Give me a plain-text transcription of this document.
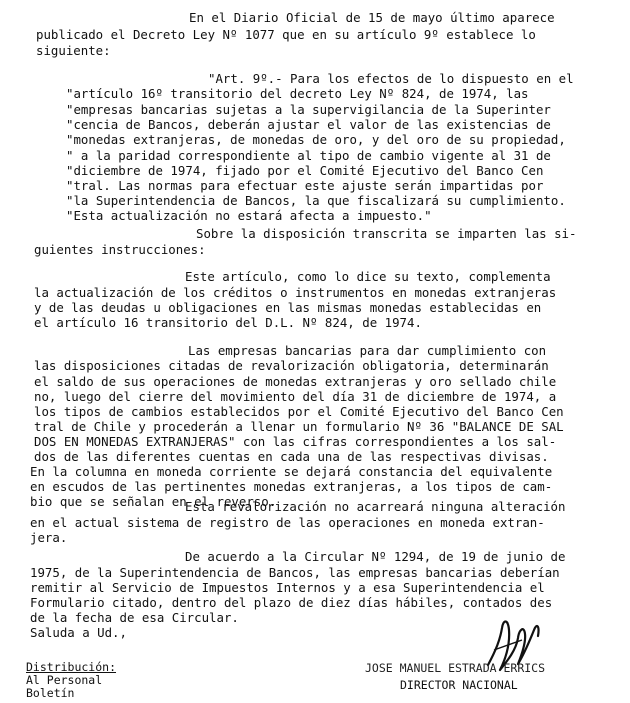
En el Diario Oficial de 15 de mayo último aparece
publicado el Decreto Ley Nº 1077 que en su artículo 9º establece lo
siguiente:
"Art. 9º.- Para los efectos de lo dispuesto en el
"artículo 16º transitorio del decreto Ley Nº 824, de 1974, las
"empresas bancarias sujetas a la supervigilancia de la Superinter
"cencia de Bancos, deberán ajustar el valor de las existencias de
"monedas extranjeras, de monedas de oro, y del oro de su propiedad,
" a la paridad correspondiente al tipo de cambio vigente al 31 de
"diciembre de 1974, fijado por el Comité Ejecutivo del Banco Cen
"tral. Las normas para efectuar este ajuste serán impartidas por
"la Superintendencia de Bancos, la que fiscalizará su cumplimiento.
"Esta actualización no estará afecta a impuesto."
Sobre la disposición transcrita se imparten las si-
guientes instrucciones:
Este artículo, como lo dice su texto, complementa
la actualización de los créditos o instrumentos en monedas extranjeras
y de las deudas u obligaciones en las mismas monedas establecidas en
el artículo 16 transitorio del D.L. Nº 824, de 1974.
Las empresas bancarias para dar cumplimiento con
las disposiciones citadas de revalorización obligatoria, determinarán
el saldo de sus operaciones de monedas extranjeras y oro sellado chile
no, luego del cierre del movimiento del día 31 de diciembre de 1974, a
los tipos de cambios establecidos por el Comité Ejecutivo del Banco Cen
tral de Chile y procederán a llenar un formulario Nº 36 "BALANCE DE SAL
DOS EN MONEDAS EXTRANJERAS" con las cifras correspondientes a los sal-
dos de las diferentes cuentas en cada una de las respectivas divisas.
En la columna en moneda corriente se dejará constancia del equivalente
en escudos de las pertinentes monedas extranjeras, a los tipos de cam-
bio que se señalan en el reverso.
Esta revalorización no acarreará ninguna alteración
en el actual sistema de registro de las operaciones en moneda extran-
jera.
De acuerdo a la Circular Nº 1294, de 19 de junio de
1975, de la Superintendencia de Bancos, las empresas bancarias deberían
remitir al Servicio de Impuestos Internos y a esa Superintendencia el
Formulario citado, dentro del plazo de diez días hábiles, contados des
de la fecha de esa Circular.
Saluda a Ud.,
Distribución:
Al Personal
Boletín
JOSE MANUEL ESTRADA ERRICS
DIRECTOR NACIONAL
